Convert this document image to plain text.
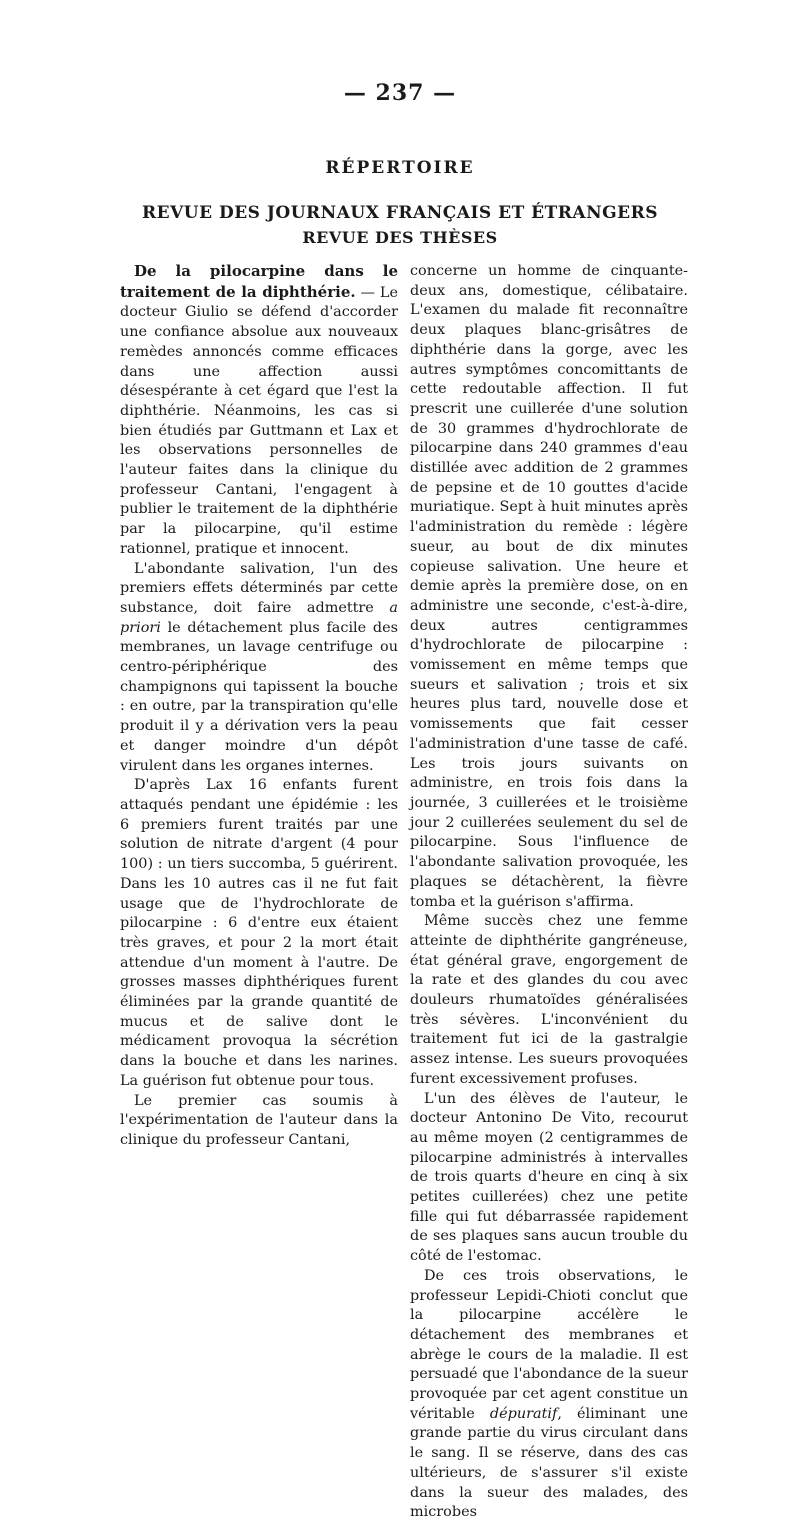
— 237 —
RÉPERTOIRE
REVUE DES JOURNAUX FRANÇAIS ET ÉTRANGERS
REVUE DES THÈSES

De la pilocarpine dans le traitement de la diphthérie. — Le docteur Giulio se défend d'accorder une confiance absolue aux nouveaux remèdes annoncés comme efficaces dans une affection aussi désespérante à cet égard que l'est la diphthérie. Néanmoins, les cas si bien étudiés par Guttmann et Lax et les observations personnelles de l'auteur faites dans la clinique du professeur Cantani, l'engagent à publier le traitement de la diphthérie par la pilocarpine, qu'il estime rationnel, pratique et innocent.

L'abondante salivation, l'un des premiers effets déterminés par cette substance, doit faire admettre a priori le détachement plus facile des membranes, un lavage centrifuge ou centro-périphérique des champignons qui tapissent la bouche : en outre, par la transpiration qu'elle produit il y a dérivation vers la peau et danger moindre d'un dépôt virulent dans les organes internes.

D'après Lax 16 enfants furent attaqués pendant une épidémie : les 6 premiers furent traités par une solution de nitrate d'argent (4 pour 100) : un tiers succomba, 5 guérirent. Dans les 10 autres cas il ne fut fait usage que de l'hydrochlorate de pilocarpine : 6 d'entre eux étaient très graves, et pour 2 la mort était attendue d'un moment à l'autre. De grosses masses diphthériques furent éliminées par la grande quantité de mucus et de salive dont le médicament provoqua la sécrétion dans la bouche et dans les narines. La guérison fut obtenue pour tous.

Le premier cas soumis à l'expérimentation de l'auteur dans la clinique du professeur Cantani,

concerne un homme de cinquante-deux ans, domestique, célibataire. L'examen du malade fit reconnaître deux plaques blanc-grisâtres de diphthérie dans la gorge, avec les autres symptômes concomittants de cette redoutable affection. Il fut prescrit une cuillerée d'une solution de 30 grammes d'hydrochlorate de pilocarpine dans 240 grammes d'eau distillée avec addition de 2 grammes de pepsine et de 10 gouttes d'acide muriatique. Sept à huit minutes après l'administration du remède : légère sueur, au bout de dix minutes copieuse salivation. Une heure et demie après la première dose, on en administre une seconde, c'est-à-dire, deux autres centigrammes d'hydrochlorate de pilocarpine : vomissement en même temps que sueurs et salivation ; trois et six heures plus tard, nouvelle dose et vomissements que fait cesser l'administration d'une tasse de café. Les trois jours suivants on administre, en trois fois dans la journée, 3 cuillerées et le troisième jour 2 cuillerées seulement du sel de pilocarpine. Sous l'influence de l'abondante salivation provoquée, les plaques se détachèrent, la fièvre tomba et la guérison s'affirma.

Même succès chez une femme atteinte de diphthérite gangréneuse, état général grave, engorgement de la rate et des glandes du cou avec douleurs rhumatoïdes généralisées très sévères. L'inconvénient du traitement fut ici de la gastralgie assez intense. Les sueurs provoquées furent excessivement profuses.

L'un des élèves de l'auteur, le docteur Antonino De Vito, recourut au même moyen (2 centigrammes de pilocarpine administrés à intervalles de trois quarts d'heure en cinq à six petites cuillerées) chez une petite fille qui fut débarrassée rapidement de ses plaques sans aucun trouble du côté de l'estomac.

De ces trois observations, le professeur Lepidi-Chioti conclut que la pilocarpine accélère le détachement des membranes et abrège le cours de la maladie. Il est persuadé que l'abondance de la sueur provoquée par cet agent constitue un véritable dépuratif, éliminant une grande partie du virus circulant dans le sang. Il se réserve, dans des cas ultérieurs, de s'assurer s'il existe dans la sueur des malades, des microbes
